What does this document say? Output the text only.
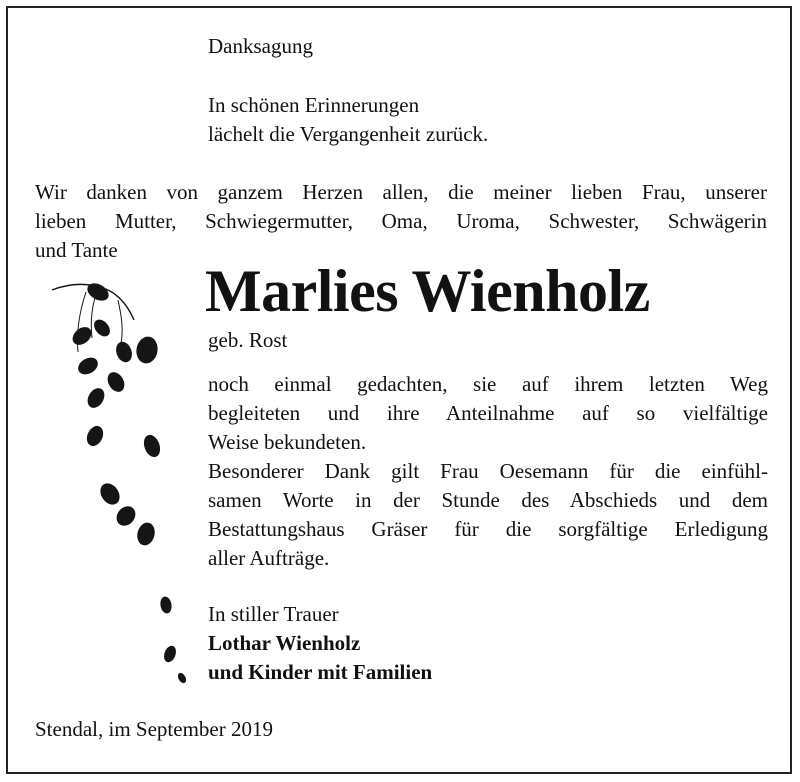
Danksagung
In schönen Erinnerungen
lächelt die Vergangenheit zurück.
Wir danken von ganzem Herzen allen, die meiner lieben Frau, unserer
lieben Mutter, Schwiegermutter, Oma, Uroma, Schwester, Schwägerin
und Tante
Marlies Wienholz
geb. Rost
noch einmal gedachten, sie auf ihrem letzten Weg
begleiteten und ihre Anteilnahme auf so vielfältige
Weise bekundeten.
Besonderer Dank gilt Frau Oesemann für die einfühl-
samen Worte in der Stunde des Abschieds und dem
Bestattungshaus Gräser für die sorgfältige Erledigung
aller Aufträge.
In stiller Trauer
Lothar Wienholz
und Kinder mit Familien
Stendal, im September 2019
